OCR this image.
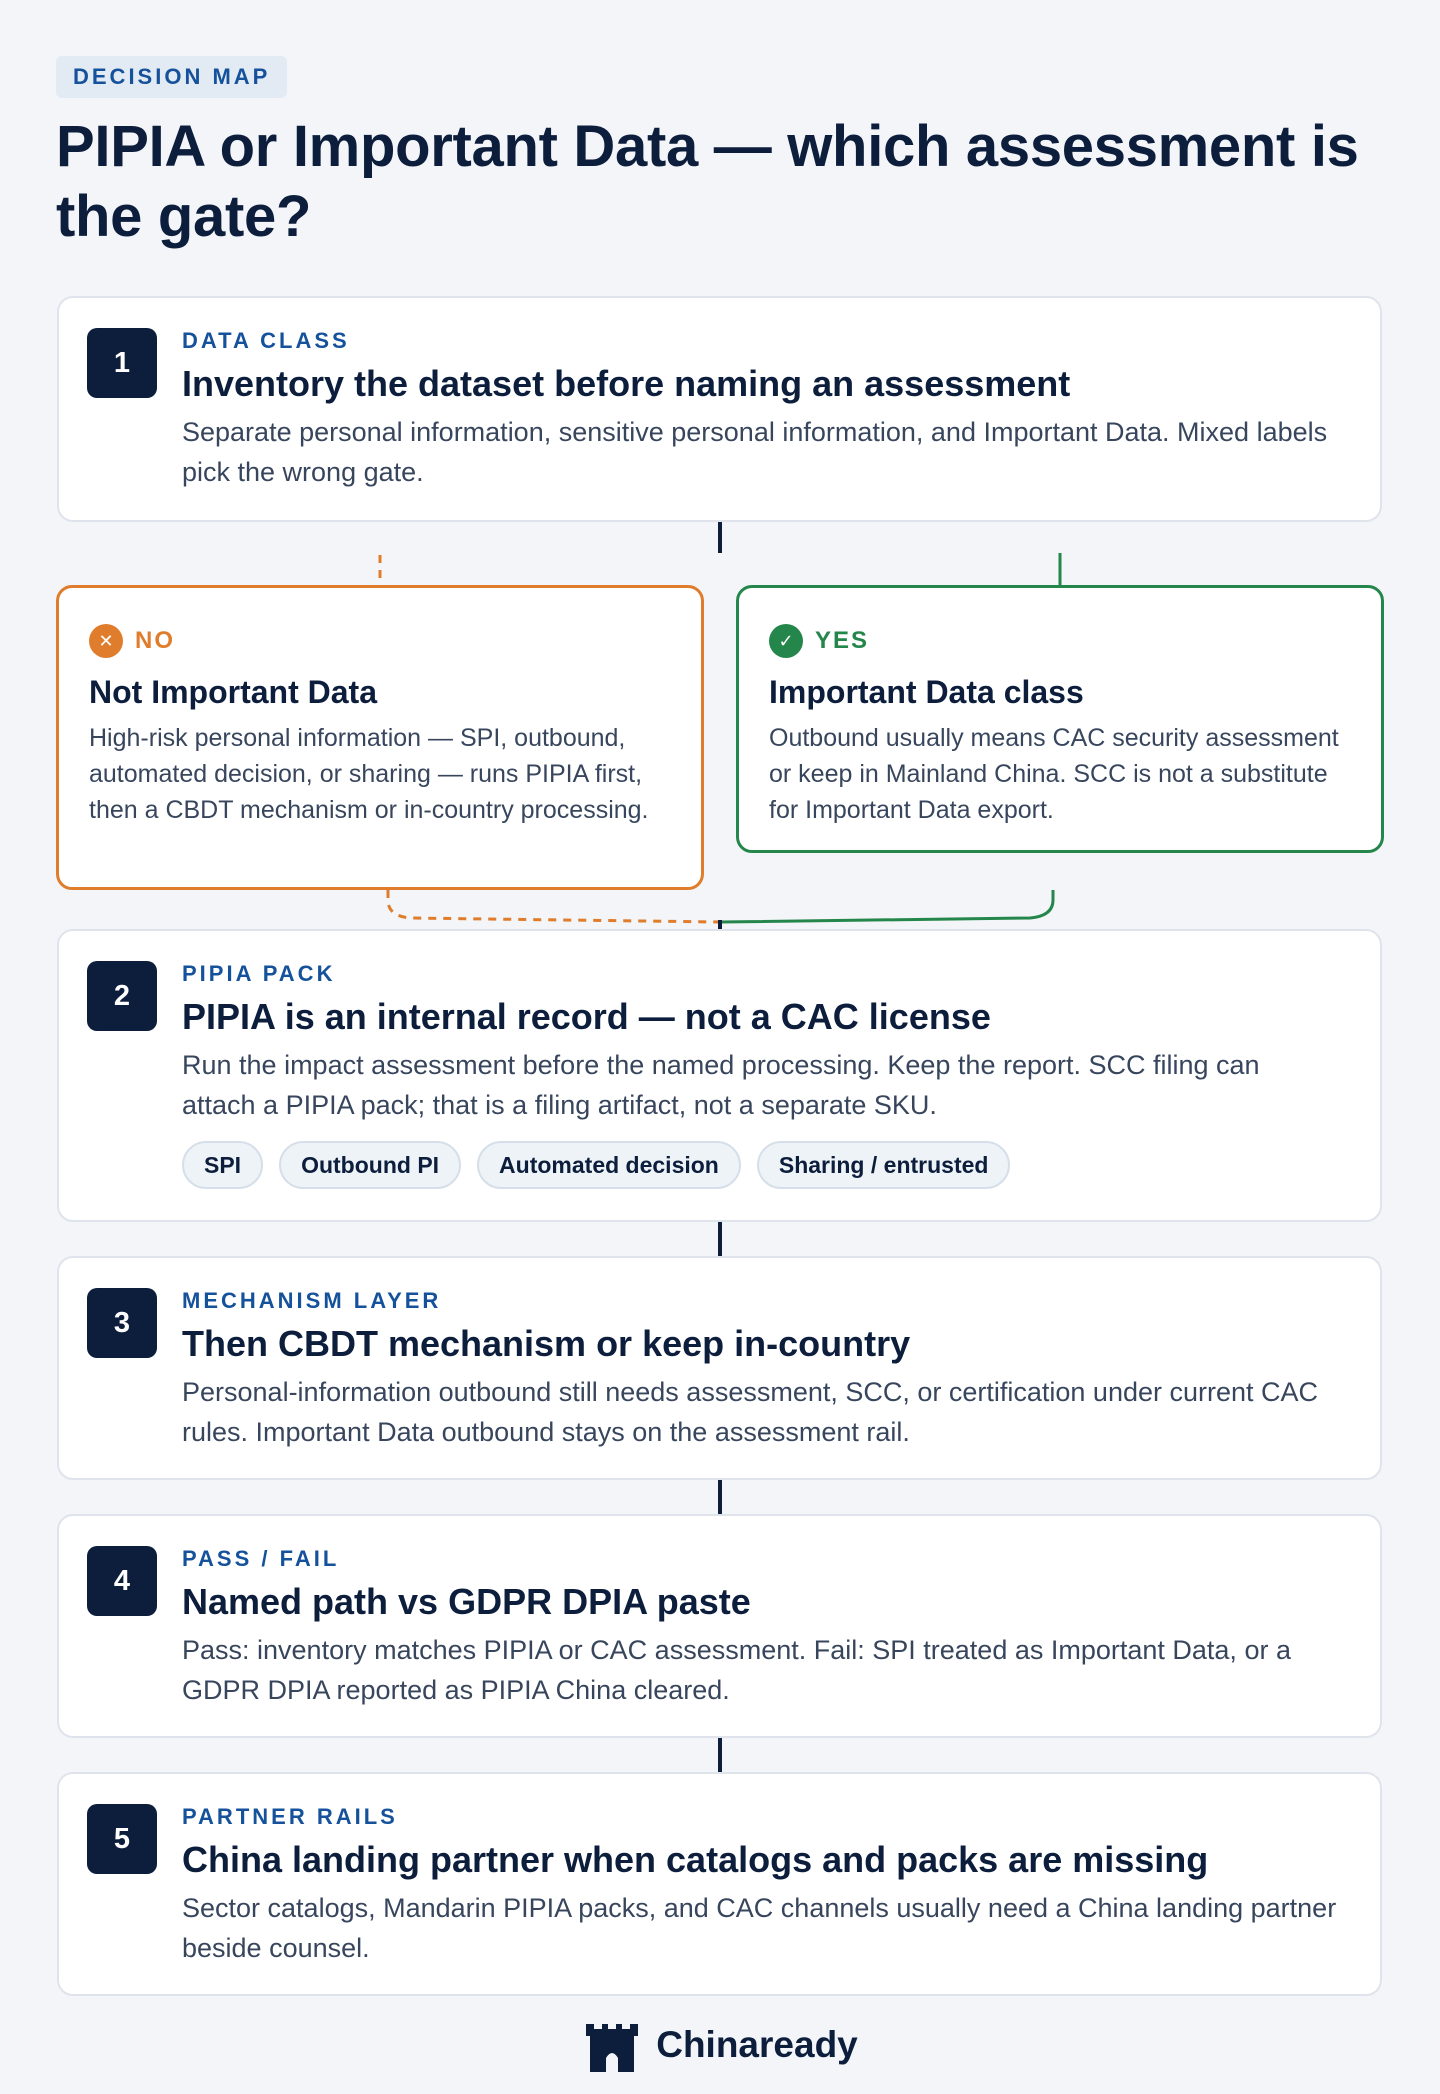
DECISION MAP
PIPIA or Important Data — which assessment is the gate?
1
DATA CLASS
Inventory the dataset before naming an assessment
Separate personal information, sensitive personal information, and Important Data. Mixed labels pick the wrong gate.
✕ NO
Not Important Data
High-risk personal information — SPI, outbound, automated decision, or sharing — runs PIPIA first, then a CBDT mechanism or in-country processing.
✓ YES
Important Data class
Outbound usually means CAC security assessment or keep in Mainland China. SCC is not a substitute for Important Data export.
2
PIPIA PACK
PIPIA is an internal record — not a CAC license
Run the impact assessment before the named processing. Keep the report. SCC filing can attach a PIPIA pack; that is a filing artifact, not a separate SKU.
SPI	Outbound PI	Automated decision	Sharing / entrusted
3
MECHANISM LAYER
Then CBDT mechanism or keep in-country
Personal-information outbound still needs assessment, SCC, or certification under current CAC rules. Important Data outbound stays on the assessment rail.
4
PASS / FAIL
Named path vs GDPR DPIA paste
Pass: inventory matches PIPIA or CAC assessment. Fail: SPI treated as Important Data, or a GDPR DPIA reported as PIPIA China cleared.
5
PARTNER RAILS
China landing partner when catalogs and packs are missing
Sector catalogs, Mandarin PIPIA packs, and CAC channels usually need a China landing partner beside counsel.
Chinaready
